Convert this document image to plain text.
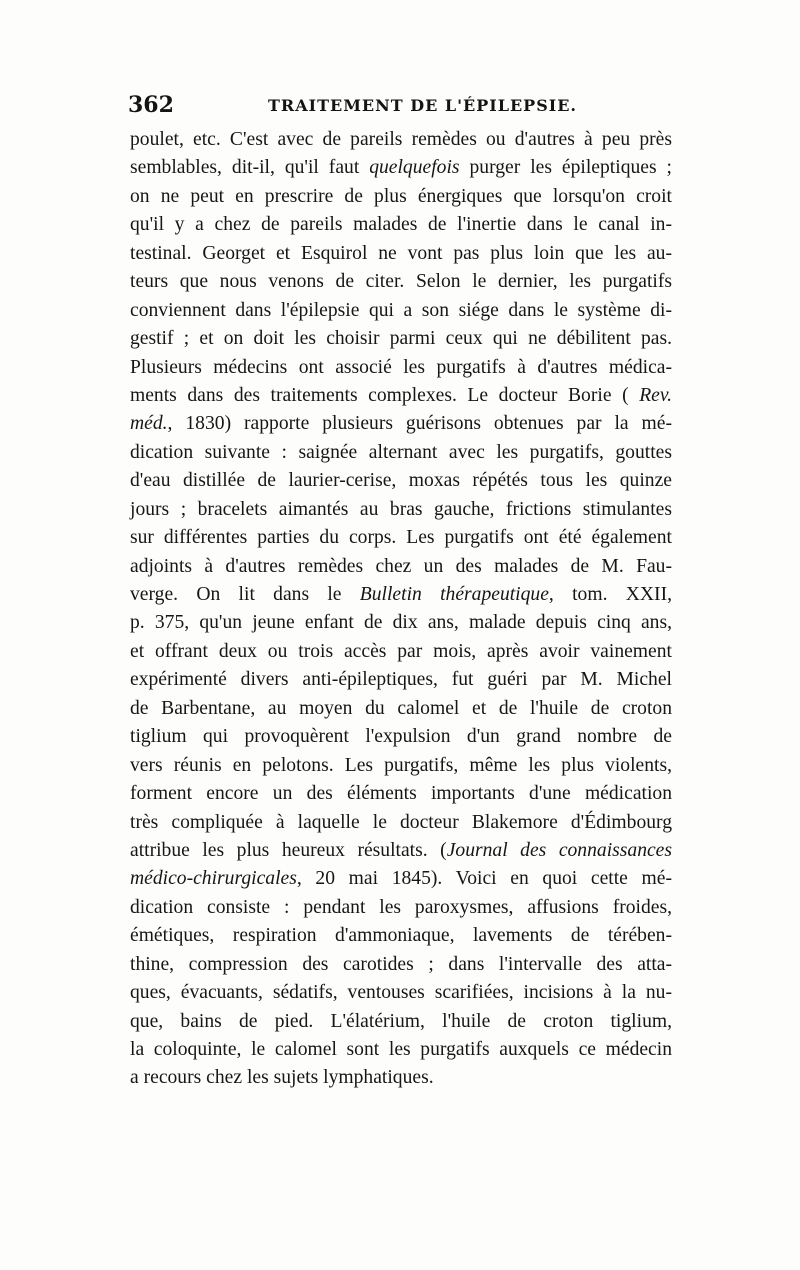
362	TRAITEMENT DE L'ÉPILEPSIE.
poulet, etc. C'est avec de pareils remèdes ou d'autres à peu près
semblables, dit-il, qu'il faut quelquefois purger les épileptiques ;
on ne peut en prescrire de plus énergiques que lorsqu'on croit
qu'il y a chez de pareils malades de l'inertie dans le canal in-
testinal. Georget et Esquirol ne vont pas plus loin que les au-
teurs que nous venons de citer. Selon le dernier, les purgatifs
conviennent dans l'épilepsie qui a son siége dans le système di-
gestif ; et on doit les choisir parmi ceux qui ne débilitent pas.
Plusieurs médecins ont associé les purgatifs à d'autres médica-
ments dans des traitements complexes. Le docteur Borie ( Rev.
méd., 1830) rapporte plusieurs guérisons obtenues par la mé-
dication suivante : saignée alternant avec les purgatifs, gouttes
d'eau distillée de laurier-cerise, moxas répétés tous les quinze
jours ; bracelets aimantés au bras gauche, frictions stimulantes
sur différentes parties du corps. Les purgatifs ont été également
adjoints à d'autres remèdes chez un des malades de M. Fau-
verge. On lit dans le Bulletin thérapeutique, tom. XXII,
p. 375, qu'un jeune enfant de dix ans, malade depuis cinq ans,
et offrant deux ou trois accès par mois, après avoir vainement
expérimenté divers anti-épileptiques, fut guéri par M. Michel
de Barbentane, au moyen du calomel et de l'huile de croton
tiglium qui provoquèrent l'expulsion d'un grand nombre de
vers réunis en pelotons. Les purgatifs, même les plus violents,
forment encore un des éléments importants d'une médication
très compliquée à laquelle le docteur Blakemore d'Édimbourg
attribue les plus heureux résultats. (Journal des connaissances
médico-chirurgicales, 20 mai 1845). Voici en quoi cette mé-
dication consiste : pendant les paroxysmes, affusions froides,
émétiques, respiration d'ammoniaque, lavements de térében-
thine, compression des carotides ; dans l'intervalle des atta-
ques, évacuants, sédatifs, ventouses scarifiées, incisions à la nu-
que, bains de pied. L'élatérium, l'huile de croton tiglium,
la coloquinte, le calomel sont les purgatifs auxquels ce médecin
a recours chez les sujets lymphatiques.
